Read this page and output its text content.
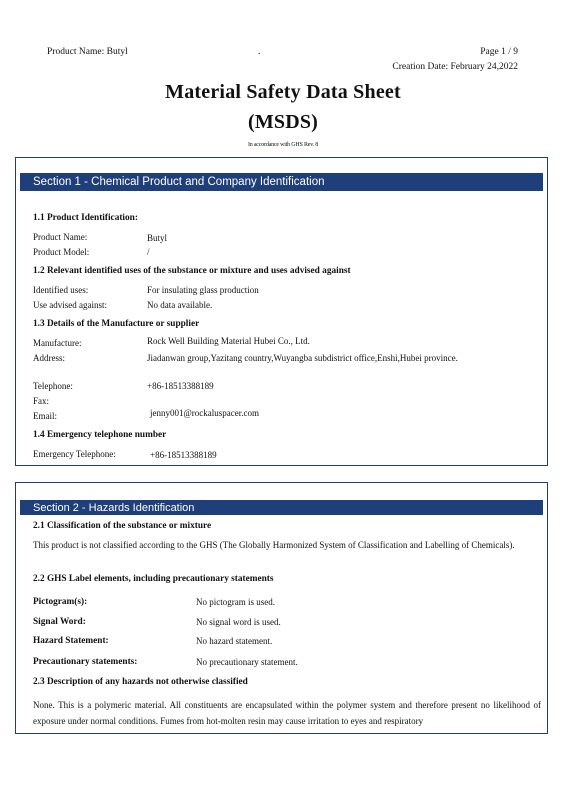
Product Name: Butyl	.	Page 1 / 9
Creation Date: February 24,2022
Material Safety Data Sheet
(MSDS)
In accordance with GHS Rev. 8
Section 1 - Chemical Product and Company Identification
1.1 Product Identification:
Product Name:	Butyl
Product Model:	/
1.2 Relevant identified uses of the substance or mixture and uses advised against
Identified uses:	For insulating glass production
Use advised against:	No data available.
1.3 Details of the Manufacture or supplier
Manufacture:	Rock Well Building Material Hubei Co., Ltd.
Address:	Jiadanwan group,Yazitang country,Wuyangba subdistrict office,Enshi,Hubei province.
Telephone:	+86-18513388189
Fax:
Email:	jenny001@rockaluspacer.com
1.4 Emergency telephone number
Emergency Telephone:	+86-18513388189
Section 2 - Hazards Identification
2.1 Classification of the substance or mixture
This product is not classified according to the GHS (The Globally Harmonized System of Classification and Labelling of Chemicals).
2.2 GHS Label elements, including precautionary statements
Pictogram(s):	No pictogram is used.
Signal Word:	No signal word is used.
Hazard Statement:	No hazard statement.
Precautionary statements:	No precautionary statement.
2.3 Description of any hazards not otherwise classified
None. This is a polymeric material. All constituents are encapsulated within the polymer system and therefore present no likelihood of exposure under normal conditions. Fumes from hot-molten resin may cause irritation to eyes and respiratory
